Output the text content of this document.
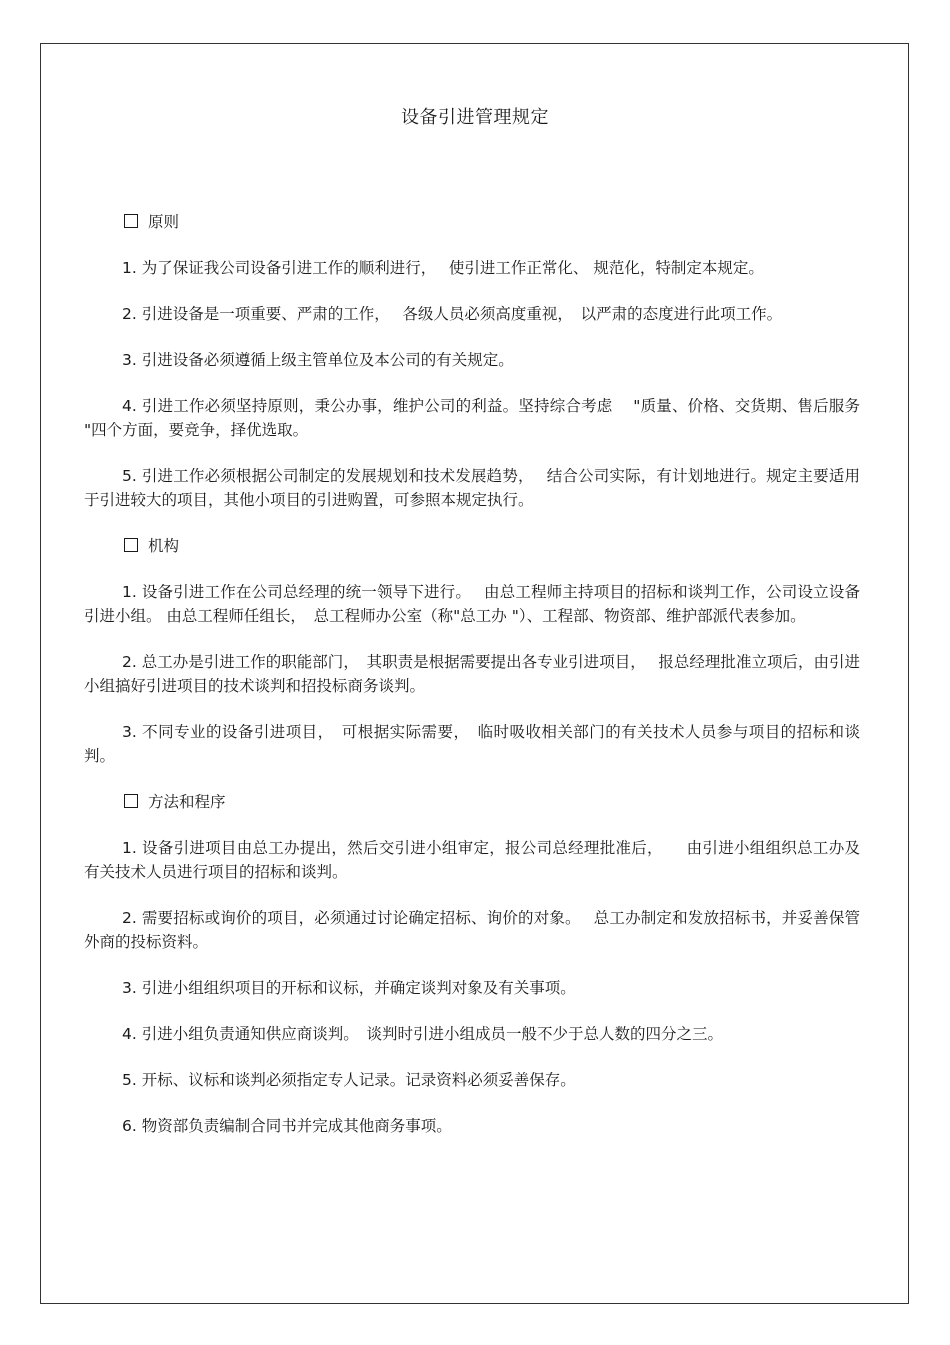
设备引进管理规定
原则

1. 为了保证我公司设备引进工作的顺利进行，　 使引进工作正常化、 规范化，特制定本规定。

2. 引进设备是一项重要、严肃的工作，　 各级人员必须高度重视，　以严肃的态度进行此项工作。

3. 引进设备必须遵循上级主管单位及本公司的有关规定。

4. 引进工作必须坚持原则，秉公办事，维护公司的利益。坚持综合考虑　 "质量、价格、交货期、售后服务 "四个方面，要竞争，择优选取。

5. 引进工作必须根据公司制定的发展规划和技术发展趋势，　 结合公司实际，有计划地进行。规定主要适用于引进较大的项目，其他小项目的引进购置，可参照本规定执行。

机构

1. 设备引进工作在公司总经理的统一领导下进行。　 由总工程师主持项目的招标和谈判工作，公司设立设备引进小组。 由总工程师任组长，　总工程师办公室（称"总工办 "）、工程部、物资部、维护部派代表参加。

2. 总工办是引进工作的职能部门，　其职责是根据需要提出各专业引进项目，　 报总经理批准立项后，由引进小组搞好引进项目的技术谈判和招投标商务谈判。

3. 不同专业的设备引进项目，　可根据实际需要，　临时吸收相关部门的有关技术人员参与项目的招标和谈判。

方法和程序

1. 设备引进项目由总工办提出，然后交引进小组审定，报公司总经理批准后，　　由引进小组组织总工办及有关技术人员进行项目的招标和谈判。

2. 需要招标或询价的项目，必须通过讨论确定招标、询价的对象。　 总工办制定和发放招标书，并妥善保管外商的投标资料。

3. 引进小组组织项目的开标和议标，并确定谈判对象及有关事项。

4. 引进小组负责通知供应商谈判。　谈判时引进小组成员一般不少于总人数的四分之三。

5. 开标、议标和谈判必须指定专人记录。记录资料必须妥善保存。

6. 物资部负责编制合同书并完成其他商务事项。
